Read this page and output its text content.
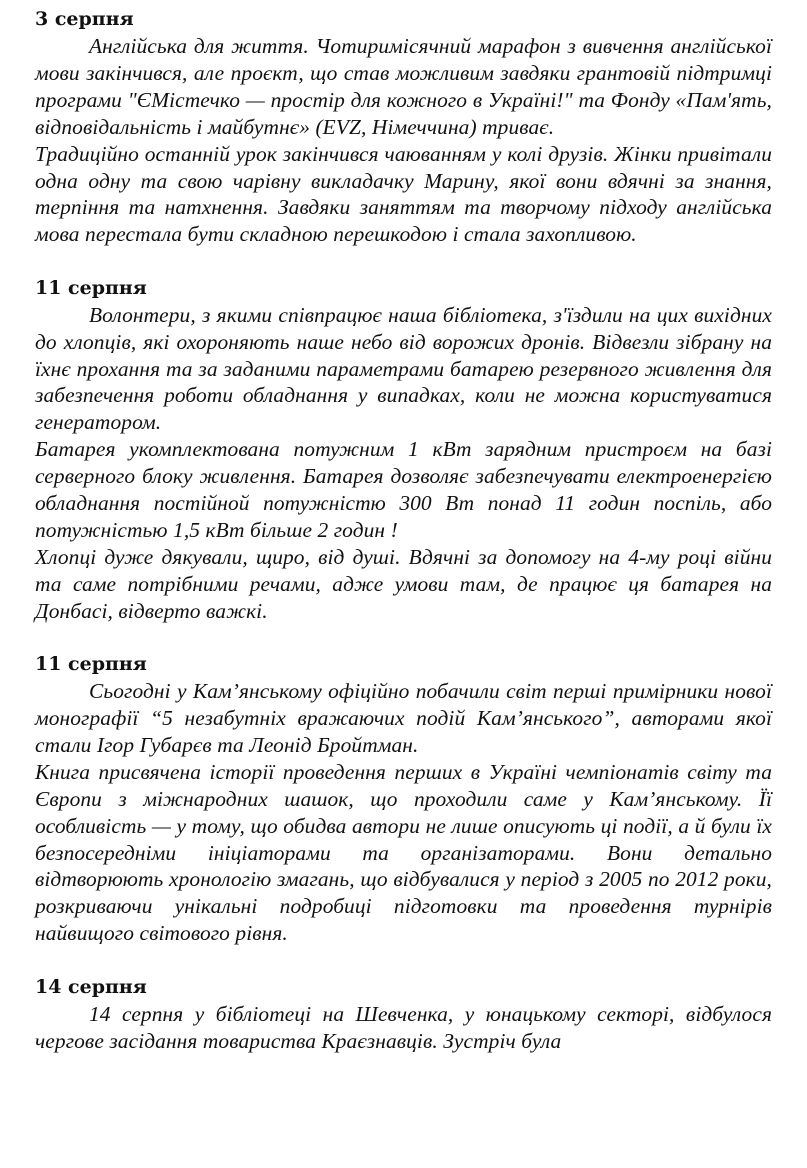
3 серпня

Англійська для життя. Чотиримісячний марафон з вивчення англійської мови закінчився, але проєкт, що став можливим завдяки грантовій підтримці програми "ЄМістечко — простір для кожного в Україні!" та Фонду «Пам'ять, відповідальність і майбутнє» (EVZ, Німеччина) триває.

Традиційно останній урок закінчився чаюванням у колі друзів. Жінки привітали одна одну та свою чарівну викладачку Марину, якої вони вдячні за знання, терпіння та натхнення. Завдяки заняттям та творчому підходу англійська мова перестала бути складною перешкодою і стала захопливою.

11 серпня

Волонтери, з якими співпрацює наша бібліотека, з'їздили на цих вихідних до хлопців, які охороняють наше небо від ворожих дронів. Відвезли зібрану на їхнє прохання та за заданими параметрами батарею резервного живлення для забезпечення роботи обладнання у випадках, коли не можна користуватися генератором.

Батарея укомплектована потужним 1 кВт зарядним пристроєм на базі серверного блоку живлення. Батарея дозволяє забезпечувати електроенергією обладнання постійной потужністю 300 Вт понад 11 годин поспіль, або потужністью 1,5 кВт більше 2 годин !

Хлопці дуже дякували, щиро, від душі. Вдячні за допомогу на 4-му році війни та саме потрібними речами, адже умови там, де працює ця батарея на Донбасі, відверто важкі.

11 серпня

Сьогодні у Кам’янському офіційно побачили світ перші примірники нової монографії “5 незабутніх вражаючих подій Кам’янського”, авторами якої стали Ігор Губарєв та Леонід Бройтман.

Книга присвячена історії проведення перших в Україні чемпіонатів світу та Європи з міжнародних шашок, що проходили саме у Кам’янському. Її особливість — у тому, що обидва автори не лише описують ці події, а й були їх безпосередніми ініціаторами та організаторами. Вони детально відтворюють хронологію змагань, що відбувалися у період з 2005 по 2012 роки, розкриваючи унікальні подробиці підготовки та проведення турнірів найвищого світового рівня.

14 серпня

14 серпня у бібліотеці на Шевченка, у юнацькому секторі, відбулося чергове засідання товариства Краєзнавців. Зустріч була
